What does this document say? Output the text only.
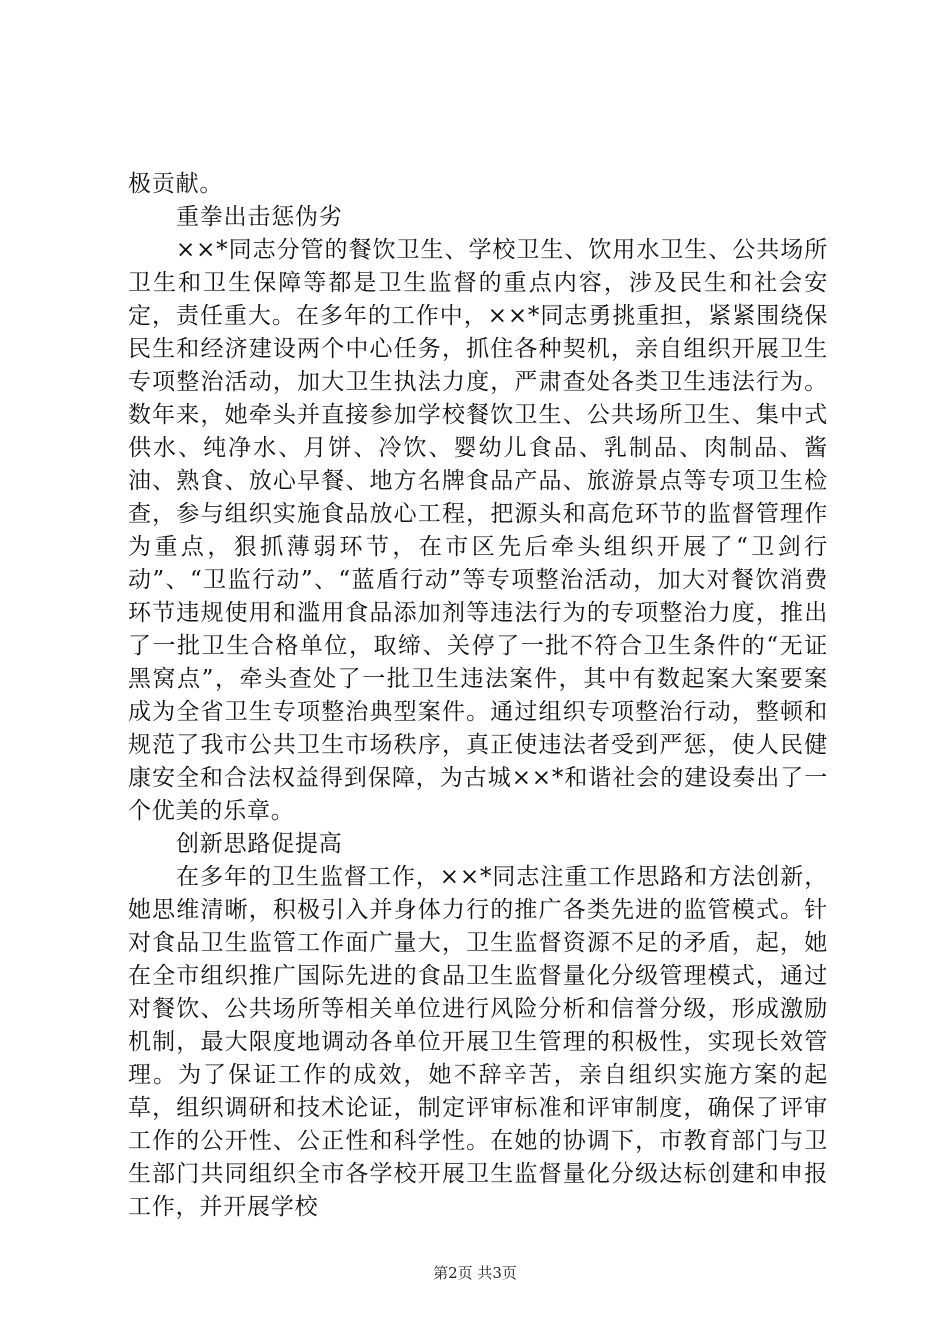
极贡献。

重拳出击惩伪劣

××*同志分管的餐饮卫生、学校卫生、饮用水卫生、公共场所卫生和卫生保障等都是卫生监督的重点内容，涉及民生和社会安定，责任重大。在多年的工作中，××*同志勇挑重担，紧紧围绕保民生和经济建设两个中心任务，抓住各种契机，亲自组织开展卫生专项整治活动，加大卫生执法力度，严肃查处各类卫生违法行为。数年来，她牵头并直接参加学校餐饮卫生、公共场所卫生、集中式供水、纯净水、月饼、冷饮、婴幼儿食品、乳制品、肉制品、酱油、熟食、放心早餐、地方名牌食品产品、旅游景点等专项卫生检查，参与组织实施食品放心工程，把源头和高危环节的监督管理作为重点，狠抓薄弱环节，在市区先后牵头组织开展了“卫剑行动”、“卫监行动”、“蓝盾行动”等专项整治活动，加大对餐饮消费环节违规使用和滥用食品添加剂等违法行为的专项整治力度，推出了一批卫生合格单位，取缔、关停了一批不符合卫生条件的“无证黑窝点”，牵头查处了一批卫生违法案件，其中有数起案大案要案成为全省卫生专项整治典型案件。通过组织专项整治行动，整顿和规范了我市公共卫生市场秩序，真正使违法者受到严惩，使人民健康安全和合法权益得到保障，为古城××*和谐社会的建设奏出了一个优美的乐章。

创新思路促提高

在多年的卫生监督工作，××*同志注重工作思路和方法创新，她思维清晰，积极引入并身体力行的推广各类先进的监管模式。针对食品卫生监管工作面广量大，卫生监督资源不足的矛盾，起，她在全市组织推广国际先进的食品卫生监督量化分级管理模式，通过对餐饮、公共场所等相关单位进行风险分析和信誉分级，形成激励机制，最大限度地调动各单位开展卫生管理的积极性，实现长效管理。为了保证工作的成效，她不辞辛苦，亲自组织实施方案的起草，组织调研和技术论证，制定评审标准和评审制度，确保了评审工作的公开性、公正性和科学性。在她的协调下，市教育部门与卫生部门共同组织全市各学校开展卫生监督量化分级达标创建和申报工作，并开展学校

第2页 共3页
